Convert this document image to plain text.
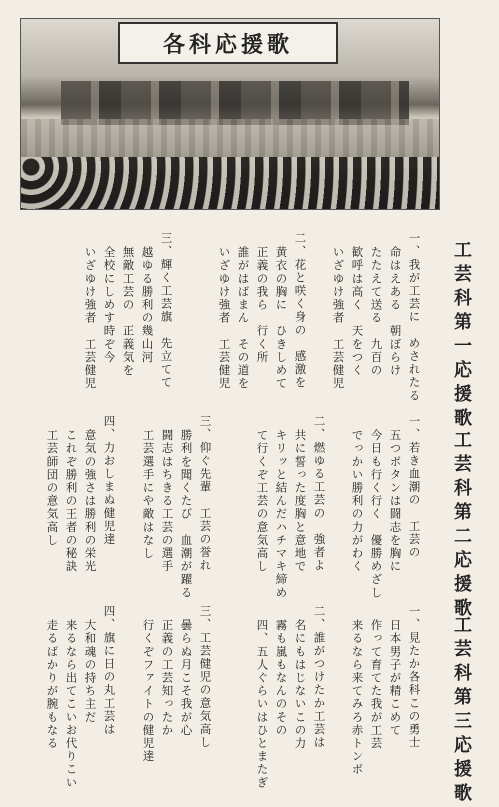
各科応援歌
工芸科第一応援歌
一、我が工芸に　めされたる
命はえある　朝ぼらけ
たたえて送る　九百の
歓呼は高く　天をつく
いざゆけ強者　工芸健児
二、花と咲く身の　感激を
黄衣の胸に　ひきしめて
正義の我ら　行く所
誰がはばまん　その道を
いざゆけ強者　工芸健児
三、輝く工芸旗　先立てて
越ゆる勝利の幾山河
無敵工芸の　正義気を
全校にしめす時ぞ今
いざゆけ強者　工芸健児
工芸科第二応援歌
一、若き血潮の　工芸の
五つボタンは闘志を胸に
今日も行く行く　優勝めざし
でっかい勝利の力がわく
二、燃ゆる工芸の　強者よ
共に誓った度胸と意地で
キリッと結んだハチマキ締め
て行くぞ工芸の意気高し
三、仰ぐ先輩　工芸の誉れ
勝利を聞くたび　血潮が躍る
闘志はちきる工芸の選手
工芸選手にや敵はなし
四、力おしまぬ健児達
意気の強さは勝利の栄光
これぞ勝利の王者の秘訣
工芸師団の意気高し
工芸科第三応援歌
一、見たか各科この勇士
日本男子が精こめて
作って育てた我が工芸
来るなら来てみろ赤トンボ
二、誰がつけたか工芸は
名にもはじないこの力
霧も嵐もなんのその
四、五人ぐらいはひとまたぎ
三、工芸健児の意気高し
曇らぬ月こそ我が心
正義の工芸知ったか
行くぞファイトの健児達
四、旗に日の丸工芸は
大和魂の持ち主だ
来るなら出てこいお代りこい
走るばかりが腕もなる
